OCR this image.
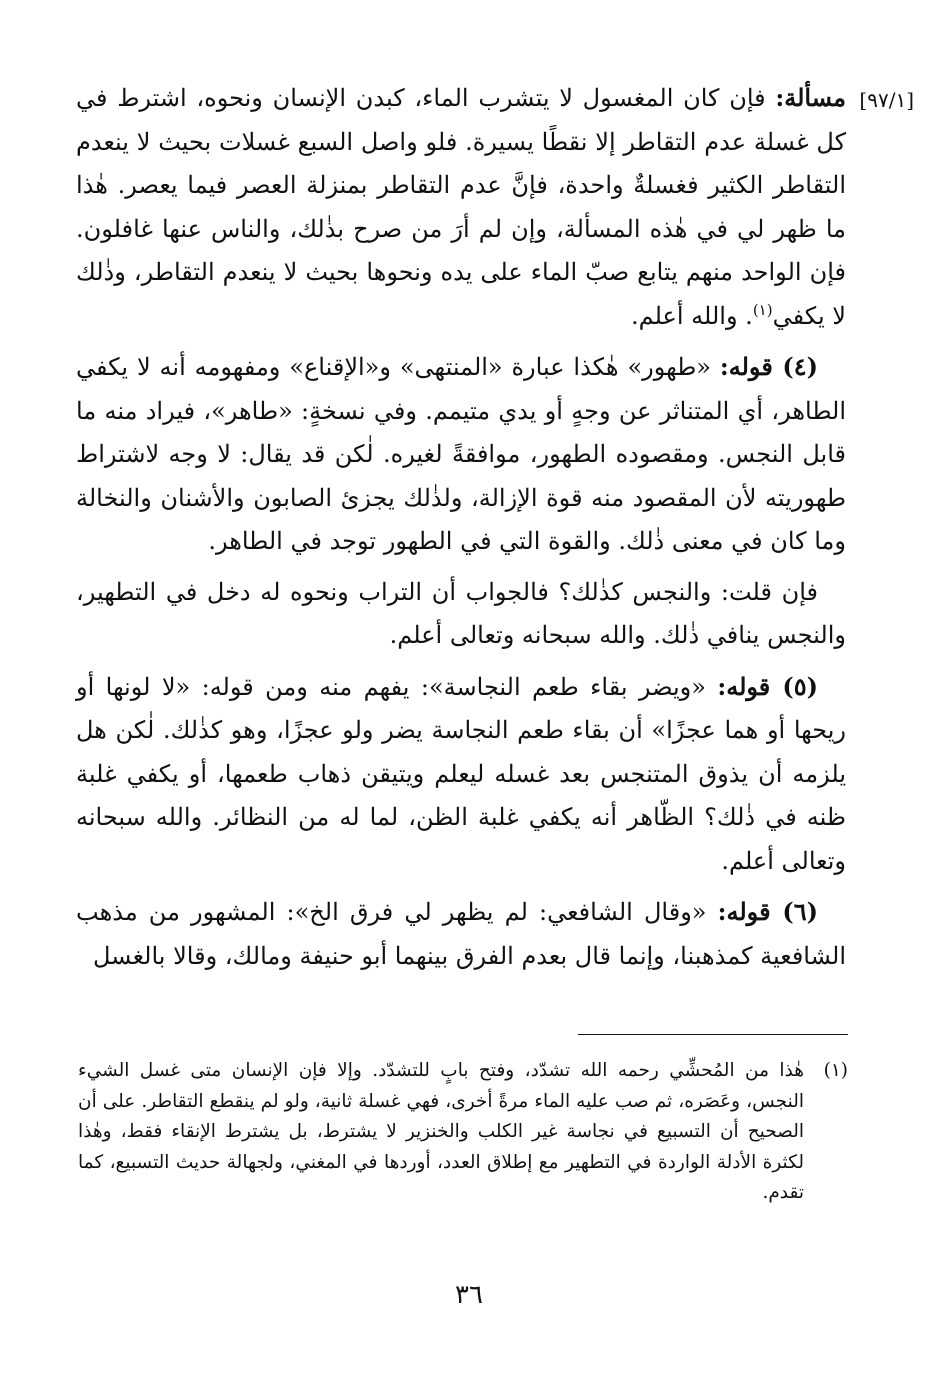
[٩٧/١]

مسألة: فإن كان المغسول لا يتشرب الماء، كبدن الإنسان ونحوه، اشترط في كل غسلة عدم التقاطر إلا نقطًا يسيرة. فلو واصل السبع غسلات بحيث لا ينعدم التقاطر الكثير فغسلةٌ واحدة، فإنَّ عدم التقاطر بمنزلة العصر فيما يعصر. هٰذا ما ظهر لي في هٰذه المسألة، وإن لم أرَ من صرح بذٰلك، والناس عنها غافلون. فإن الواحد منهم يتابع صبّ الماء على يده ونحوها بحيث لا ينعدم التقاطر، وذٰلك لا يكفي$^{(١)}$. والله أعلم.

(٤) قوله: «طهور» هٰكذا عبارة «المنتهى» و«الإقناع» ومفهومه أنه لا يكفي الطاهر، أي المتناثر عن وجهٍ أو يدي متيمم. وفي نسخةٍ: «طاهر»، فيراد منه ما قابل النجس. ومقصوده الطهور، موافقةً لغيره. لٰكن قد يقال: لا وجه لاشتراط طهوريته لأن المقصود منه قوة الإزالة، ولذٰلك يجزئ الصابون والأشنان والنخالة وما كان في معنى ذٰلك. والقوة التي في الطهور توجد في الطاهر.

فإن قلت: والنجس كذٰلك؟ فالجواب أن التراب ونحوه له دخل في التطهير، والنجس ينافي ذٰلك. والله سبحانه وتعالى أعلم.

(٥) قوله: «ويضر بقاء طعم النجاسة»: يفهم منه ومن قوله: «لا لونها أو ريحها أو هما عجزًا» أن بقاء طعم النجاسة يضر ولو عجزًا، وهو كذٰلك. لٰكن هل يلزمه أن يذوق المتنجس بعد غسله ليعلم ويتيقن ذهاب طعمها، أو يكفي غلبة ظنه في ذٰلك؟ الظّاهر أنه يكفي غلبة الظن، لما له من النظائر. والله سبحانه وتعالى أعلم.

(٦) قوله: «وقال الشافعي: لم يظهر لي فرق الخ»: المشهور من مذهب الشافعية كمذهبنا، وإنما قال بعدم الفرق بينهما أبو حنيفة ومالك، وقالا بالغسل

(١)
هٰذا من المُحشِّي رحمه الله تشدّد، وفتح بابٍ للتشدّد. وإلا فإن الإنسان متى غسل الشيء النجس، وعَصَره، ثم صب عليه الماء مرةً أخرى، فهي غسلة ثانية، ولو لم ينقطع التقاطر. على أن الصحيح أن التسبيع في نجاسة غير الكلب والخنزير لا يشترط، بل يشترط الإنقاء فقط، وهٰذا لكثرة الأدلة الواردة في التطهير مع إطلاق العدد، أوردها في المغني، ولجهالة حديث التسبيع، كما تقدم.
٣٦
